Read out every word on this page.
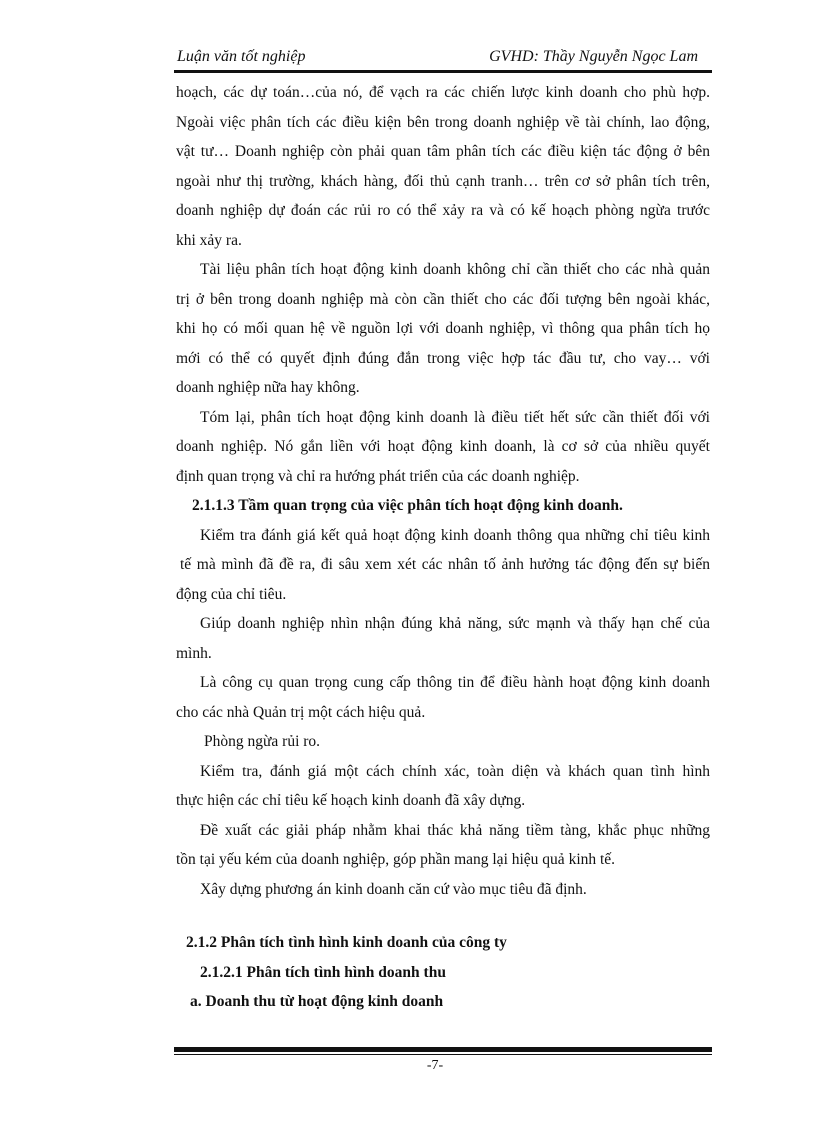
Luận văn tốt nghiệp	GVHD: Thầy Nguyễn Ngọc Lam
hoạch, các dự toán…của nó, để vạch ra các chiến lược kinh doanh cho phù hợp.
Ngoài việc phân tích các điều kiện bên trong doanh nghiệp về tài chính, lao động,
vật tư… Doanh nghiệp còn phải quan tâm phân tích các điều kiện tác động ở bên
ngoài như thị trường, khách hàng, đối thủ cạnh tranh… trên cơ sở phân tích trên,
doanh nghiệp dự đoán các rủi ro có thể xảy ra và có kế hoạch phòng ngừa trước
khi xảy ra.
Tài liệu phân tích hoạt động kinh doanh không chỉ cần thiết cho các nhà quản
trị ở bên trong doanh nghiệp mà còn cần thiết cho các đối tượng bên ngoài khác,
khi họ có mối quan hệ về nguồn lợi với doanh nghiệp, vì thông qua phân tích họ
mới có thể có quyết định đúng đắn trong việc hợp tác đầu tư, cho vay… với
doanh nghiệp nữa hay không.
Tóm lại, phân tích hoạt động kinh doanh là điều tiết hết sức cần thiết đối với
doanh nghiệp. Nó gắn liền với hoạt động kinh doanh, là cơ sở của nhiều quyết
định quan trọng và chỉ ra hướng phát triển của các doanh nghiệp.
2.1.1.3 Tầm quan trọng của việc phân tích hoạt động kinh doanh.
Kiểm tra đánh giá kết quả hoạt động kinh doanh thông qua những chỉ tiêu kinh
tế mà mình đã đề ra, đi sâu xem xét các nhân tố ảnh hưởng tác động đến sự biến
động của chỉ tiêu.
Giúp doanh nghiệp nhìn nhận đúng khả năng, sức mạnh và thấy hạn chế của
mình.
Là công cụ quan trọng cung cấp thông tin để điều hành hoạt động kinh doanh
cho các nhà Quản trị một cách hiệu quả.
Phòng ngừa rủi ro.
Kiểm tra, đánh giá một cách chính xác, toàn diện và khách quan tình hình
thực hiện các chỉ tiêu kế hoạch kinh doanh đã xây dựng.
Đề xuất các giải pháp nhằm khai thác khả năng tiềm tàng, khắc phục những
tồn tại yếu kém của doanh nghiệp, góp phần mang lại hiệu quả kinh tế.
Xây dựng phương án kinh doanh căn cứ vào mục tiêu đã định.
2.1.2 Phân tích tình hình kinh doanh của công ty
2.1.2.1 Phân tích tình hình doanh thu
a. Doanh thu từ hoạt động kinh doanh
-7-
